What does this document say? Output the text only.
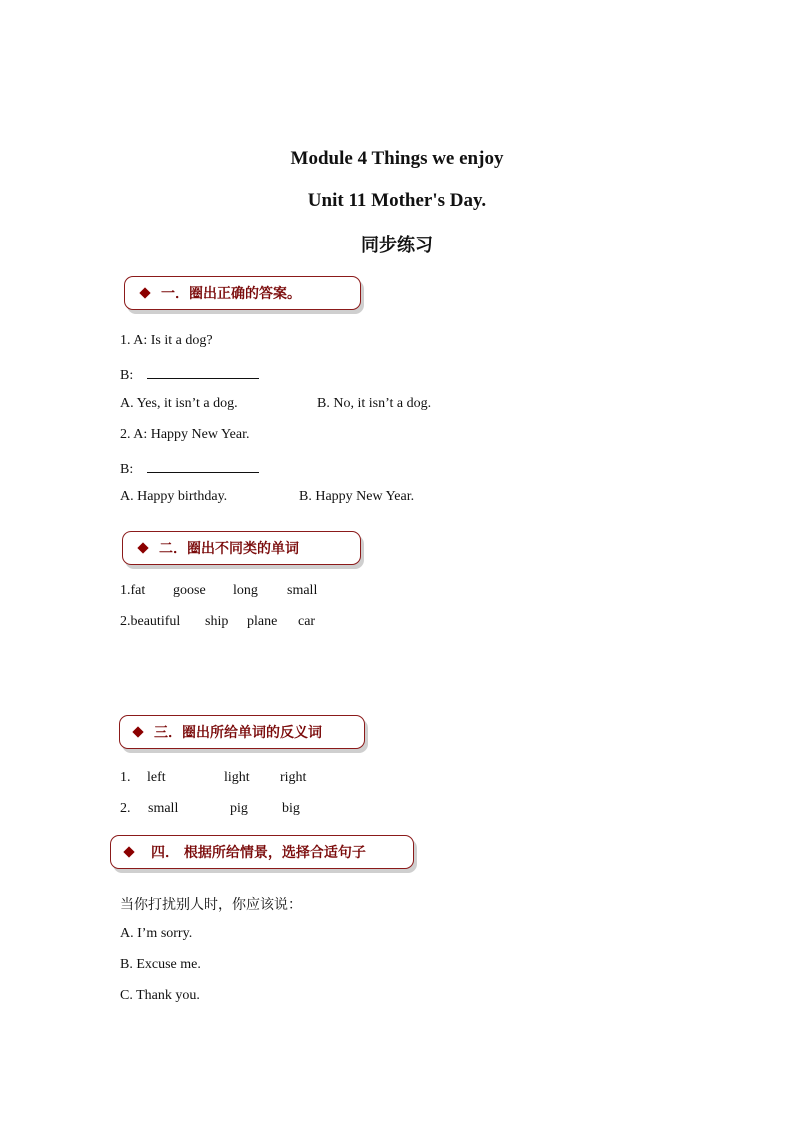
Module 4 Things we enjoy
Unit 11 Mother's Day.
同步练习
一．圈出正确的答案。
1. A: Is it a dog?
B:
A. Yes, it isn’t a dog.	B. No, it isn’t a dog.
2. A: Happy New Year.
B:
A. Happy birthday.	B. Happy New Year.
二．圈出不同类的单词
1.fat goose long small
2.beautiful ship plane car
三．圈出所给单词的反义词
1. left	light right
2. small	pig big
四． 根据所给情景，选择合适句子
当你打扰别人时，你应该说：
A. I’m sorry.
B. Excuse me.
C. Thank you.
